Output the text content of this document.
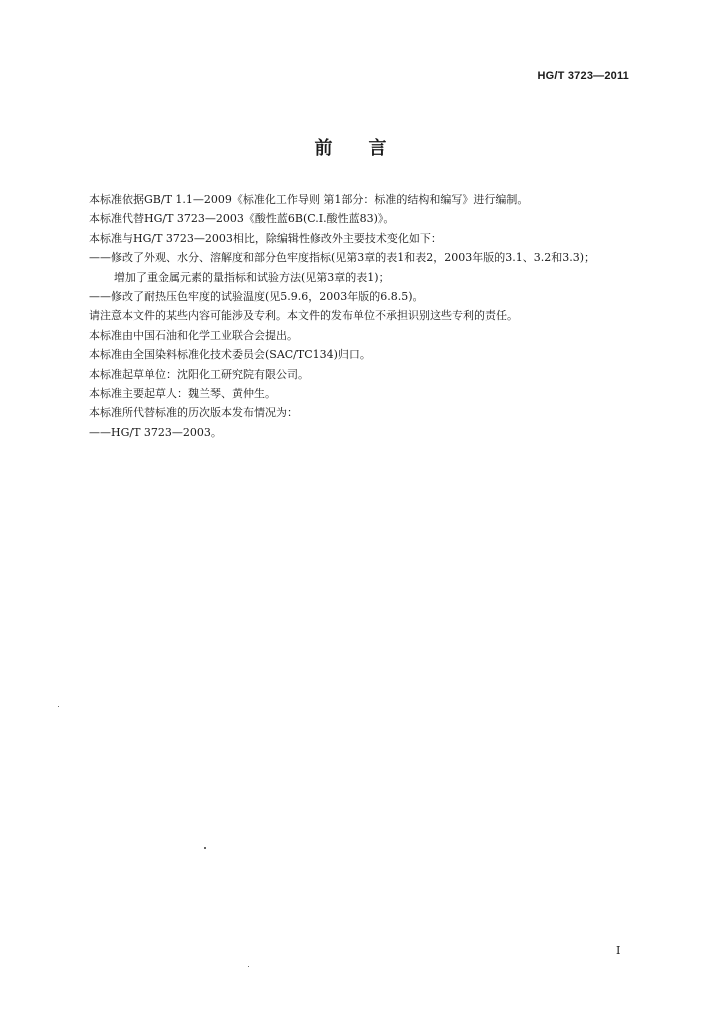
HG/T 3723—2011
前言

本标准依据GB/T 1.1—2009《标准化工作导则 第1部分：标准的结构和编写》进行编制。

本标准代替HG/T 3723—2003《酸性蓝6B(C.I.酸性蓝83)》。

本标准与HG/T 3723—2003相比，除编辑性修改外主要技术变化如下：

——修改了外观、水分、溶解度和部分色牢度指标(见第3章的表1和表2，2003年版的3.1、3.2和3.3)；

增加了重金属元素的量指标和试验方法(见第3章的表1)；

——修改了耐热压色牢度的试验温度(见5.9.6，2003年版的6.8.5)。

请注意本文件的某些内容可能涉及专利。本文件的发布单位不承担识别这些专利的责任。

本标准由中国石油和化学工业联合会提出。

本标准由全国染料标准化技术委员会(SAC/TC134)归口。

本标准起草单位：沈阳化工研究院有限公司。

本标准主要起草人：魏兰琴、黄仲生。

本标准所代替标准的历次版本发布情况为：

——HG/T 3723—2003。

I
